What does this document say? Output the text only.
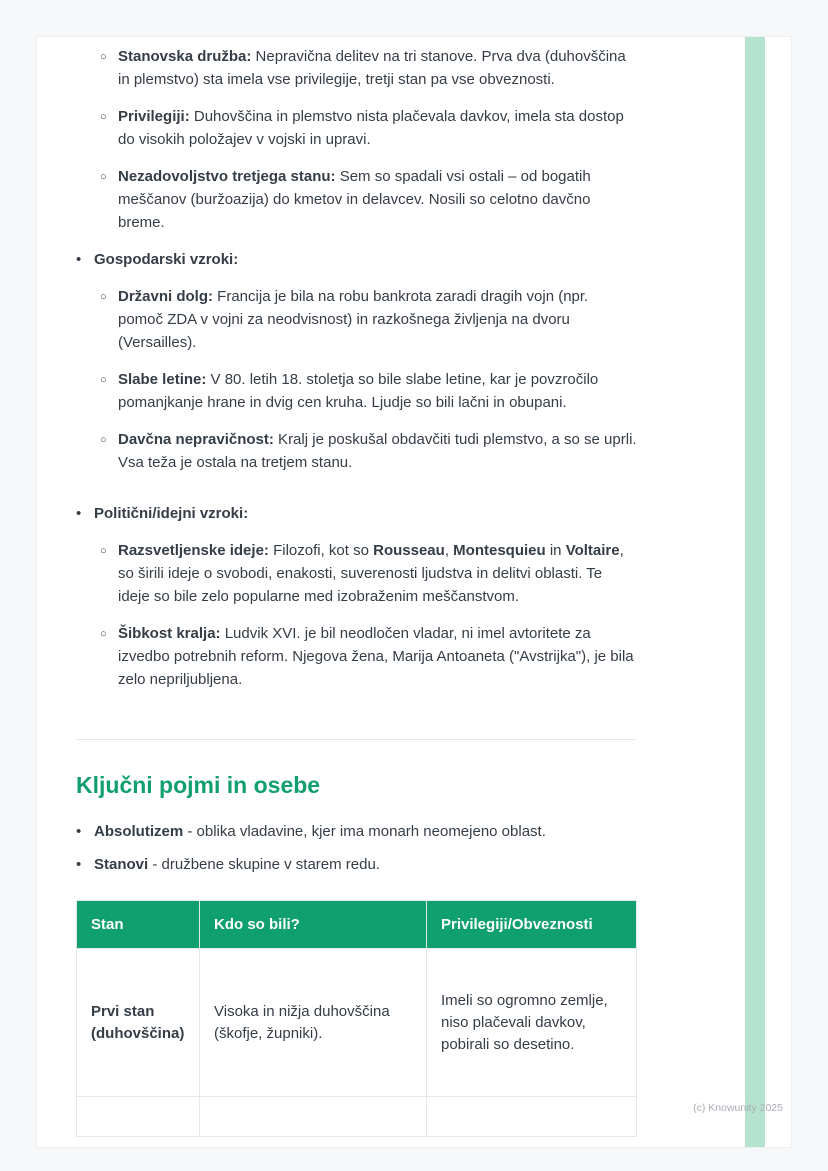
○ Stanovska družba: Nepravična delitev na tri stanove. Prva dva (duhovščina in plemstvo) sta imela vse privilegije, tretji stan pa vse obveznosti.

○ Privilegiji: Duhovščina in plemstvo nista plačevala davkov, imela sta dostop do visokih položajev v vojski in upravi.

○ Nezadovoljstvo tretjega stanu: Sem so spadali vsi ostali – od bogatih meščanov (buržoazija) do kmetov in delavcev. Nosili so celotno davčno breme.

• Gospodarski vzroki:

○ Državni dolg: Francija je bila na robu bankrota zaradi dragih vojn (npr. pomoč ZDA v vojni za neodvisnost) in razkošnega življenja na dvoru (Versailles).

○ Slabe letine: V 80. letih 18. stoletja so bile slabe letine, kar je povzročilo pomanjkanje hrane in dvig cen kruha. Ljudje so bili lačni in obupani.

○ Davčna nepravičnost: Kralj je poskušal obdavčiti tudi plemstvo, a so se uprli. Vsa teža je ostala na tretjem stanu.

• Politični/idejni vzroki:

○ Razsvetljenske ideje: Filozofi, kot so Rousseau, Montesquieu in Voltaire, so širili ideje o svobodi, enakosti, suverenosti ljudstva in delitvi oblasti. Te ideje so bile zelo popularne med izobraženim meščanstvom.

○ Šibkost kralja: Ludvik XVI. je bil neodločen vladar, ni imel avtoritete za izvedbo potrebnih reform. Njegova žena, Marija Antoaneta ("Avstrijka"), je bila zelo nepriljubljena.

Ključni pojmi in osebe
• Absolutizem - oblika vladavine, kjer ima monarh neomejeno oblast.

• Stanovi - družbene skupine v starem redu.

Stan	Kdo so bili?	Privilegiji/Obveznosti
Prvi stan (duhovščina)	Visoka in nižja duhovščina (škofje, župniki).	Imeli so ogromno zemlje, niso plačevali davkov, pobirali so desetino.

(c) Knowunity 2025
